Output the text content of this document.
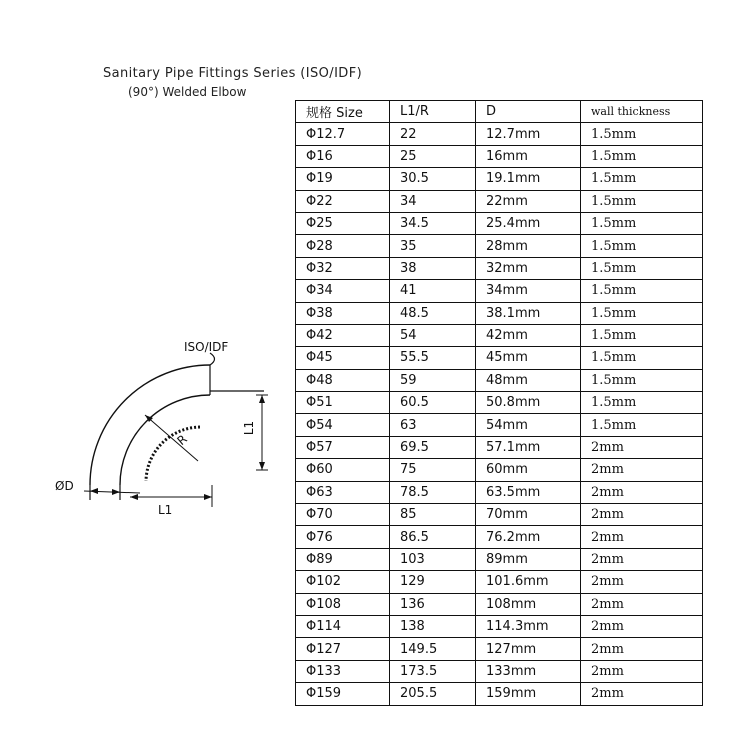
Sanitary Pipe Fittings Series (ISO/IDF)
(90°) Welded Elbow
ISO/IDF
ØD
L1
L1
R
规格 Size	L1/R	D	wall thickness
Φ12.7	22	12.7mm	1.5mm
Φ16	25	16mm	1.5mm
Φ19	30.5	19.1mm	1.5mm
Φ22	34	22mm	1.5mm
Φ25	34.5	25.4mm	1.5mm
Φ28	35	28mm	1.5mm
Φ32	38	32mm	1.5mm
Φ34	41	34mm	1.5mm
Φ38	48.5	38.1mm	1.5mm
Φ42	54	42mm	1.5mm
Φ45	55.5	45mm	1.5mm
Φ48	59	48mm	1.5mm
Φ51	60.5	50.8mm	1.5mm
Φ54	63	54mm	1.5mm
Φ57	69.5	57.1mm	2mm
Φ60	75	60mm	2mm
Φ63	78.5	63.5mm	2mm
Φ70	85	70mm	2mm
Φ76	86.5	76.2mm	2mm
Φ89	103	89mm	2mm
Φ102	129	101.6mm	2mm
Φ108	136	108mm	2mm
Φ114	138	114.3mm	2mm
Φ127	149.5	127mm	2mm
Φ133	173.5	133mm	2mm
Φ159	205.5	159mm	2mm
